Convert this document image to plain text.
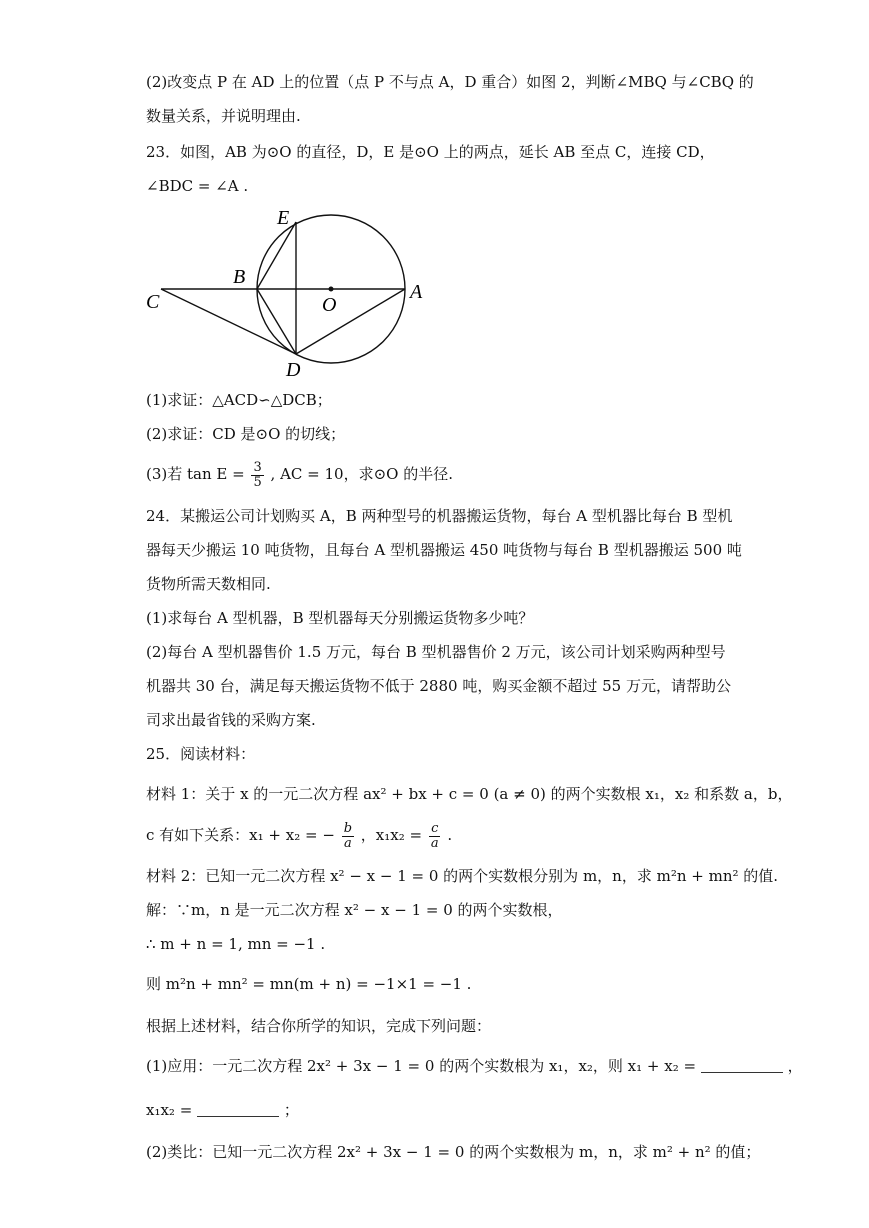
(2)改变点 P 在 AD 上的位置（点 P 不与点 A，D 重合）如图 2，判断∠MBQ 与∠CBQ 的
数量关系，并说明理由.
23．如图，AB 为⊙O 的直径，D，E 是⊙O 上的两点，延长 AB 至点 C，连接 CD，
∠BDC = ∠A .
E
B
C	O
A
D
(1)求证：△ACD∽△DCB；
(2)求证：CD 是⊙O 的切线；
(3)若 $\tan E = \frac{3}{5}$ , AC = 10，求⊙O 的半径.
24．某搬运公司计划购买 A，B 两种型号的机器搬运货物，每台 A 型机器比每台 B 型机
器每天少搬运 10 吨货物，且每台 A 型机器搬运 450 吨货物与每台 B 型机器搬运 500 吨
货物所需天数相同.
(1)求每台 A 型机器，B 型机器每天分别搬运货物多少吨？
(2)每台 A 型机器售价 1.5 万元，每台 B 型机器售价 2 万元，该公司计划采购两种型号
机器共 30 台，满足每天搬运货物不低于 2880 吨，购买金额不超过 55 万元，请帮助公
司求出最省钱的采购方案.
25．阅读材料：
材料 1：关于 x 的一元二次方程 ax² + bx + c = 0 (a ≠ 0) 的两个实数根 x₁，x₂ 和系数 a，b，
c 有如下关系：x₁ + x₂ = − $\frac{b}{a}$ ，$x_1x_2 = \frac{c}{a}$ .
材料 2：已知一元二次方程 x² − x − 1 = 0 的两个实数根分别为 m，n，求 m²n + mn² 的值.
解：∵m，n 是一元二次方程 x² − x − 1 = 0 的两个实数根，
∴ m + n = 1, mn = −1 .
则 m²n + mn² = mn(m + n) = −1×1 = −1 .
根据上述材料，结合你所学的知识，完成下列问题：
(1)应用：一元二次方程 2x² + 3x − 1 = 0 的两个实数根为 x₁，x₂，则 x₁ + x₂ =	，
x₁x₂ =	；
(2)类比：已知一元二次方程 2x² + 3x − 1 = 0 的两个实数根为 m，n，求 m² + n² 的值；
